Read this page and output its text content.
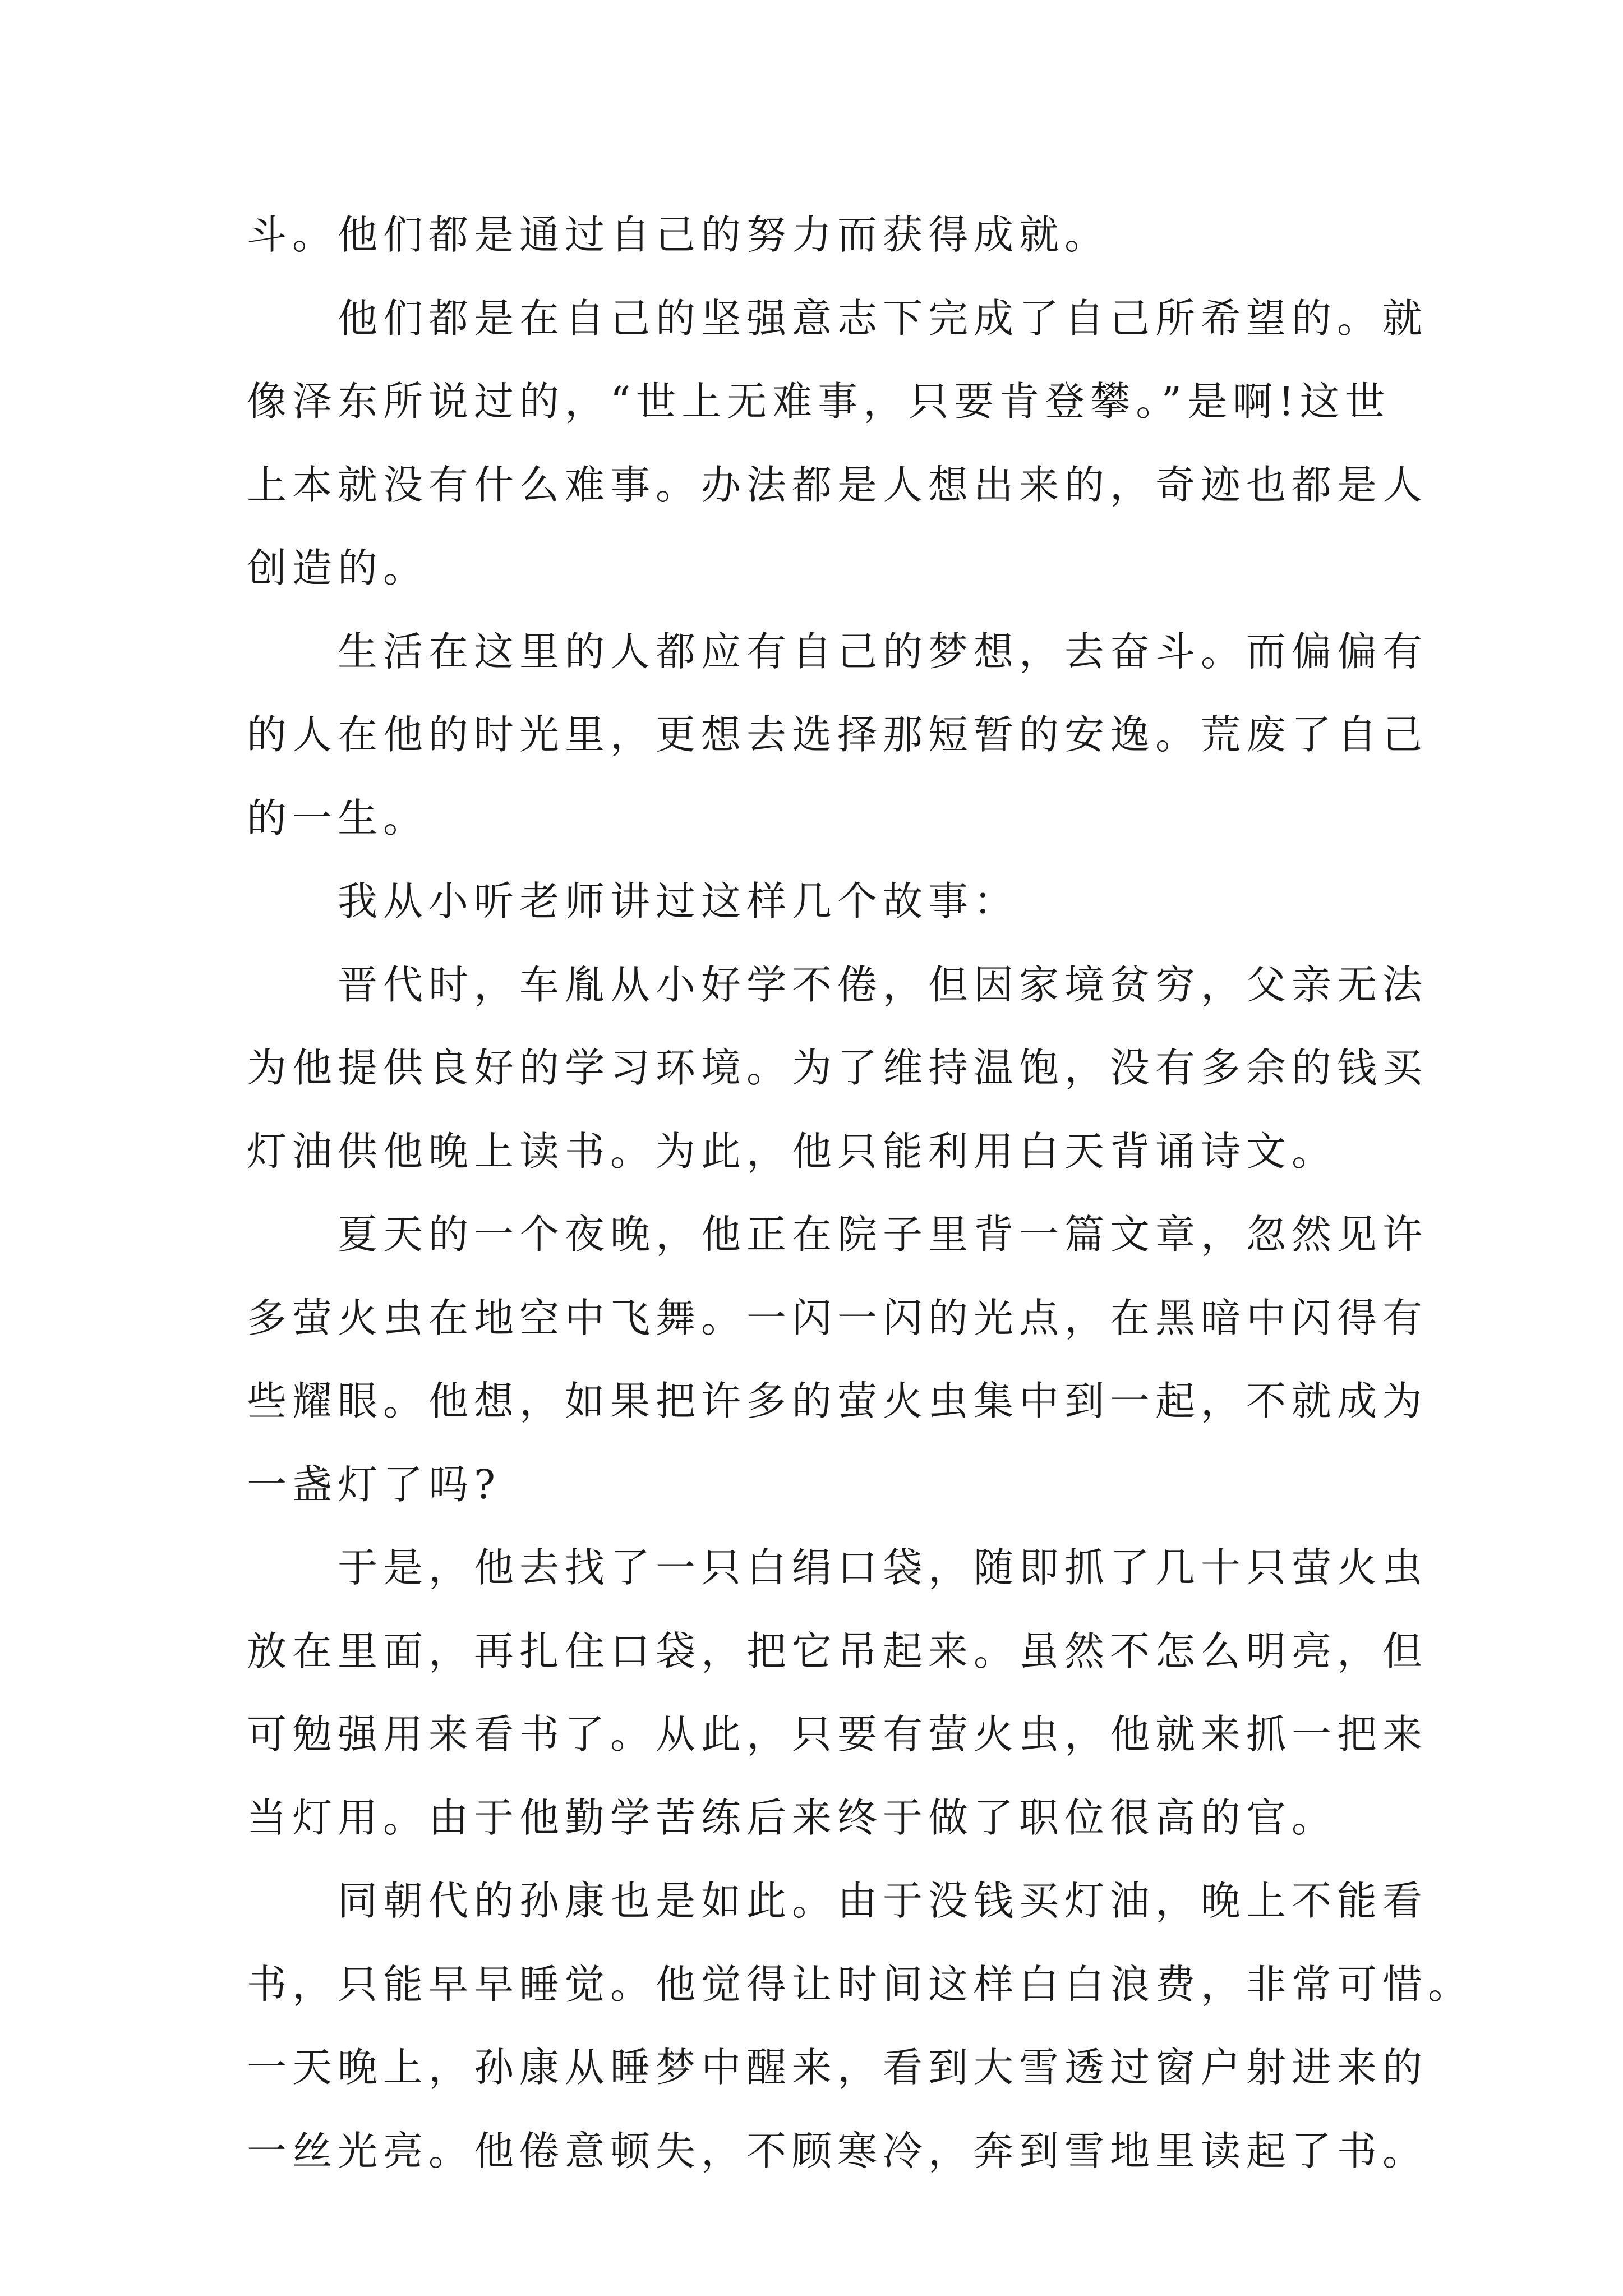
斗。他们都是通过自己的努力而获得成就。
他们都是在自己的坚强意志下完成了自己所希望的。就
像泽东所说过的，“世上无难事，只要肯登攀。”是啊!这世
上本就没有什么难事。办法都是人想出来的，奇迹也都是人
创造的。
生活在这里的人都应有自己的梦想，去奋斗。而偏偏有
的人在他的时光里，更想去选择那短暂的安逸。荒废了自己
的一生。
我从小听老师讲过这样几个故事：
晋代时，车胤从小好学不倦，但因家境贫穷，父亲无法
为他提供良好的学习环境。为了维持温饱，没有多余的钱买
灯油供他晚上读书。为此，他只能利用白天背诵诗文。
夏天的一个夜晚，他正在院子里背一篇文章，忽然见许
多萤火虫在地空中飞舞。一闪一闪的光点，在黑暗中闪得有
些耀眼。他想，如果把许多的萤火虫集中到一起，不就成为
一盏灯了吗?
于是，他去找了一只白绢口袋，随即抓了几十只萤火虫
放在里面，再扎住口袋，把它吊起来。虽然不怎么明亮，但
可勉强用来看书了。从此，只要有萤火虫，他就来抓一把来
当灯用。由于他勤学苦练后来终于做了职位很高的官。
同朝代的孙康也是如此。由于没钱买灯油，晚上不能看
书，只能早早睡觉。他觉得让时间这样白白浪费，非常可惜。
一天晚上，孙康从睡梦中醒来，看到大雪透过窗户射进来的
一丝光亮。他倦意顿失，不顾寒冷，奔到雪地里读起了书。
